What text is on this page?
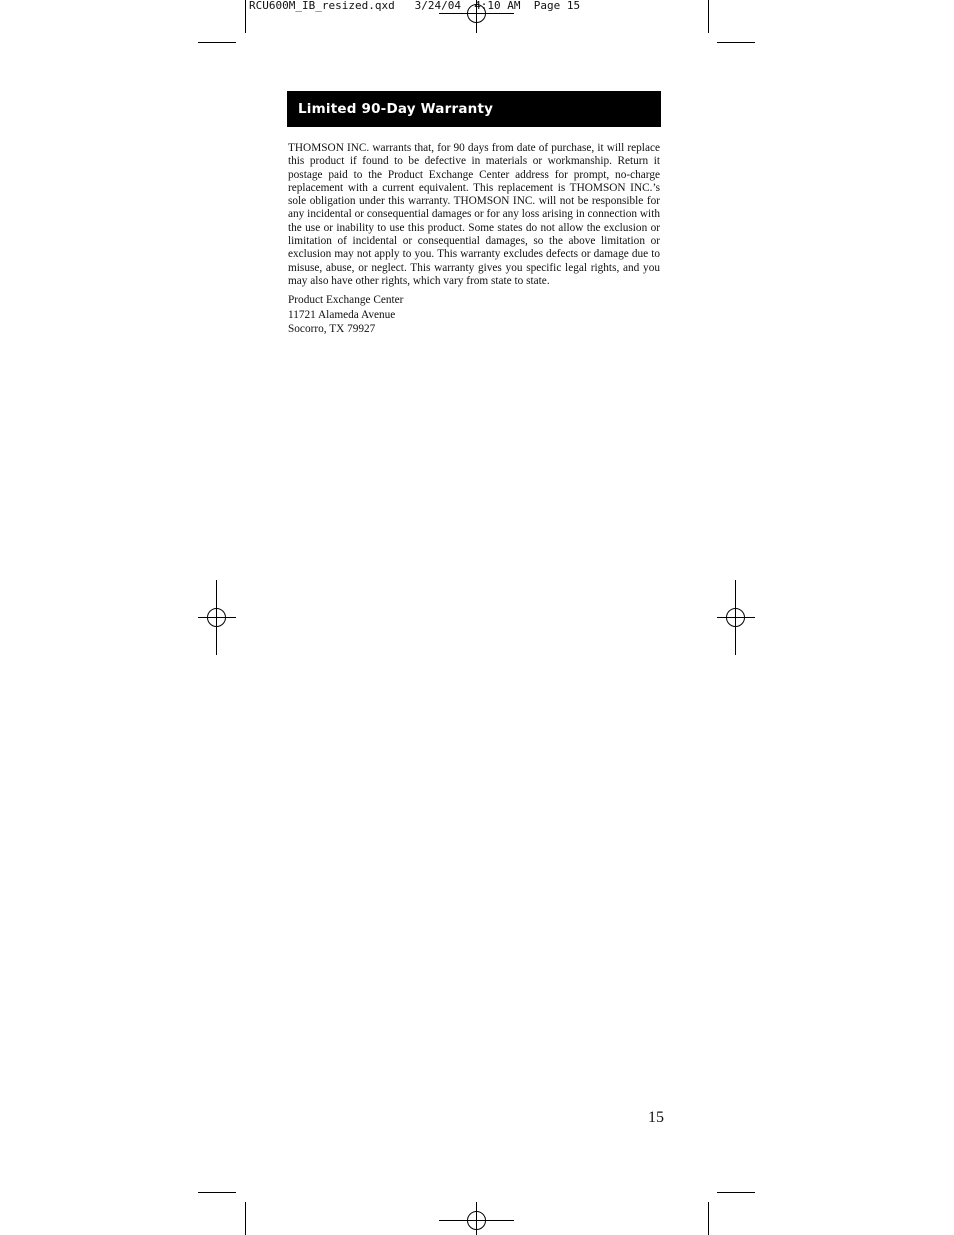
RCU600M_IB_resized.qxd 3/24/04 4:10 AM Page 15
Limited 90-Day Warranty

THOMSON INC. warrants that, for 90 days from date of purchase, it will replace this product if found to be defective in materials or workmanship. Return it postage paid to the Product Exchange Center address for prompt, no-charge replacement with a current equivalent. This replacement is THOMSON INC.’s sole obligation under this warranty. THOMSON INC. will not be responsible for any incidental or consequential damages or for any loss arising in connection with the use or inability to use this product. Some states do not allow the exclusion or limitation of incidental or consequential damages, so the above limitation or exclusion may not apply to you. This warranty excludes defects or damage due to misuse, abuse, or neglect. This warranty gives you specific legal rights, and you may also have other rights, which vary from state to state.

Product Exchange Center
11721 Alameda Avenue
Socorro, TX 79927
15
